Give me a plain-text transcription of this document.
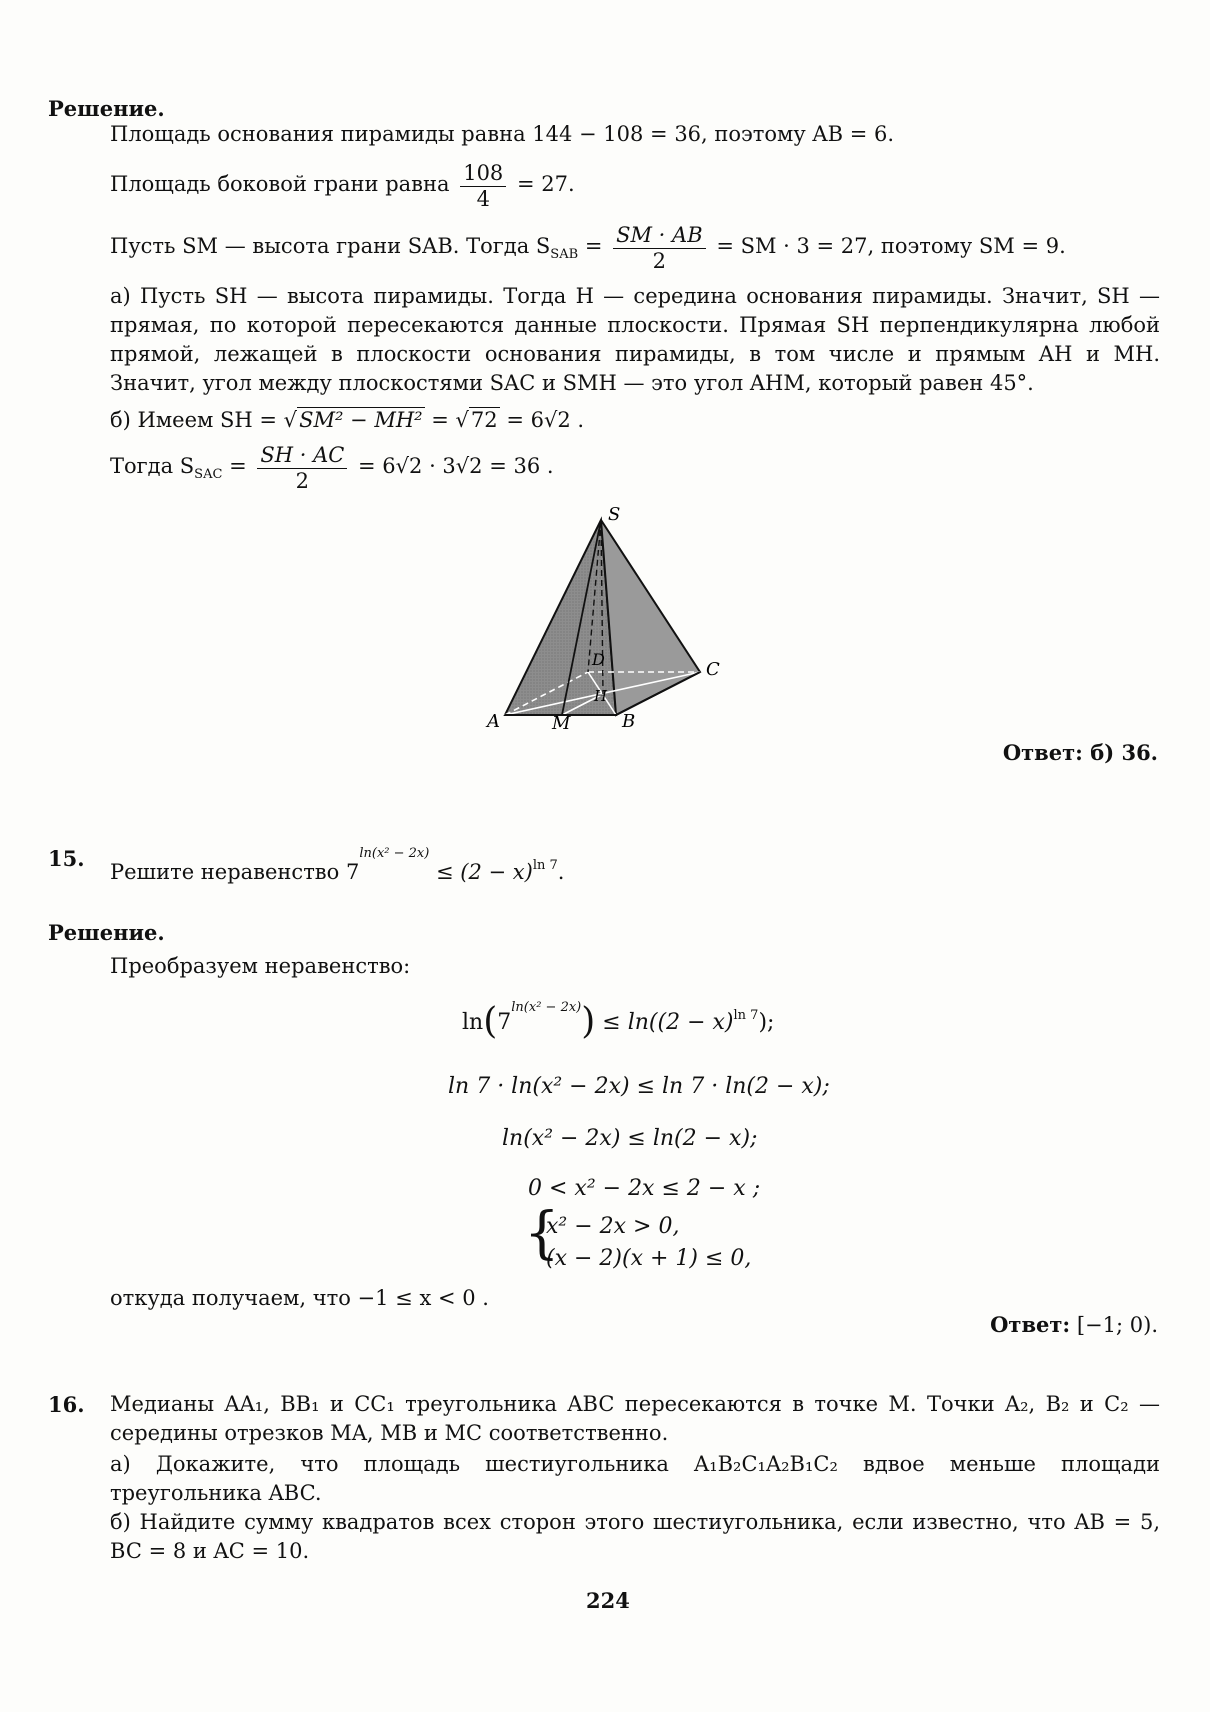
Решение.
Площадь основания пирамиды равна 144 − 108 = 36, поэтому AB = 6.
Площадь боковой грани равна $\frac{108}{4} = 27$.
Пусть SM — высота грани SAB. Тогда $S_{SAB} = \frac{SM \cdot AB}{2}$ = SM · 3 = 27, поэтому SM = 9.
а) Пусть SH — высота пирамиды. Тогда H — середина основания пирамиды. Значит, SH — прямая, по которой пересекаются данные плоскости. Прямая SH перпендикулярна любой прямой, лежащей в плоскости основания пирамиды, в том числе и прямым AH и MH. Значит, угол между плоскостями SAC и SMH — это угол AHM, который равен 45°.
б) Имеем SH = √SM² − MH² = √72 = 6√2 .
Тогда $S_{SAC} = \frac{SH \cdot AC}{2} = 6√2 \cdot 3√2 = 36$ .
S
A	M	B
C
D
H
Ответ: б) 36.
15.
Решите неравенство $7^{ln(x^2 - 2x)} \le (2 - x)^{ln 7}$.
Решение.
Преобразуем неравенство:
$\ln(7^{ln(x^2 - 2x)}) \le \ln((2 - x)^{ln 7})$;
ln 7 · ln(x² − 2x) ≤ ln 7 · ln(2 − x);
ln(x² − 2x) ≤ ln(2 − x);
0 < x² − 2x ≤ 2 − x ;
{
x² − 2x > 0,
(x − 2)(x + 1) ≤ 0,
откуда получаем, что −1 ≤ x < 0 .
Ответ: [−1; 0).
16. Медианы AA₁, BB₁ и CC₁ треугольника ABC пересекаются в точке M. Точки A₂, B₂ и C₂ — середины отрезков MA, MB и MC соответственно.
а) Докажите, что площадь шестиугольника A₁B₂C₁A₂B₁C₂ вдвое меньше площади треугольника ABC.
б) Найдите сумму квадратов всех сторон этого шестиугольника, если известно, что AB = 5, BC = 8 и AC = 10.
224
